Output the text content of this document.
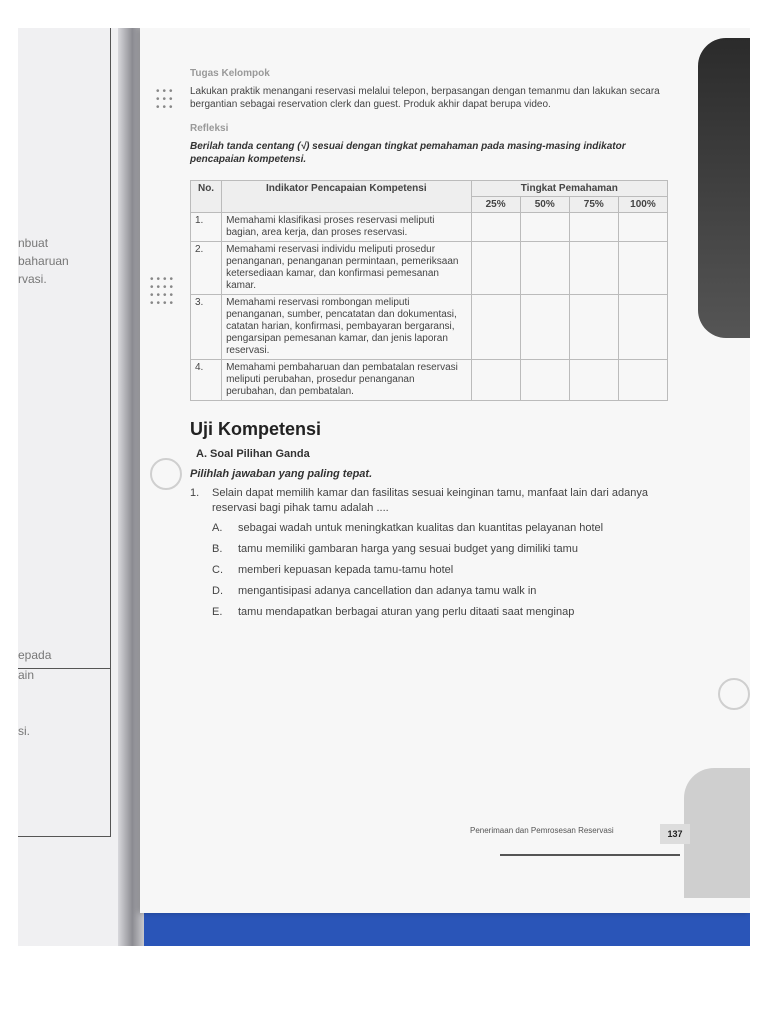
nbuat
baharuan
rvasi.
epada
ain
si.
•••
•••
•••
••••
••••
••••
••••
Tugas Kelompok
Lakukan praktik menangani reservasi melalui telepon, berpasangan dengan temanmu dan lakukan secara bergantian sebagai reservation clerk dan guest. Produk akhir dapat berupa video.
Refleksi
Berilah tanda centang (√) sesuai dengan tingkat pemahaman pada masing-masing indikator pencapaian kompetensi.
No.	Indikator Pencapaian Kompetensi	Tingkat Pemahaman			
		25%	50%	75%	100%
1.	Memahami klasifikasi proses reservasi meliputi bagian, area kerja, dan proses reservasi.				
2.	Memahami reservasi individu meliputi prosedur penanganan, penanganan permintaan, pemeriksaan ketersediaan kamar, dan konfirmasi pemesanan kamar.				
3.	Memahami reservasi rombongan meliputi penanganan, sumber, pencatatan dan dokumentasi, catatan harian, konfirmasi, pembayaran bergaransi, pengarsipan pemesanan kamar, dan jenis laporan reservasi.				
4.	Memahami pembaharuan dan pembatalan reservasi meliputi perubahan, prosedur penanganan perubahan, dan pembatalan.				
Uji Kompetensi
A. Soal Pilihan Ganda
Pilihlah jawaban yang paling tepat.
1.	Selain dapat memilih kamar dan fasilitas sesuai keinginan tamu, manfaat lain dari adanya reservasi bagi pihak tamu adalah ....
A.	sebagai wadah untuk meningkatkan kualitas dan kuantitas pelayanan hotel
B.	tamu memiliki gambaran harga yang sesuai budget yang dimiliki tamu
C.	memberi kepuasan kepada tamu-tamu hotel
D.	mengantisipasi adanya cancellation dan adanya tamu walk in
E.	tamu mendapatkan berbagai aturan yang perlu ditaati saat menginap
Penerimaan dan Pemrosesan Reservasi	137
